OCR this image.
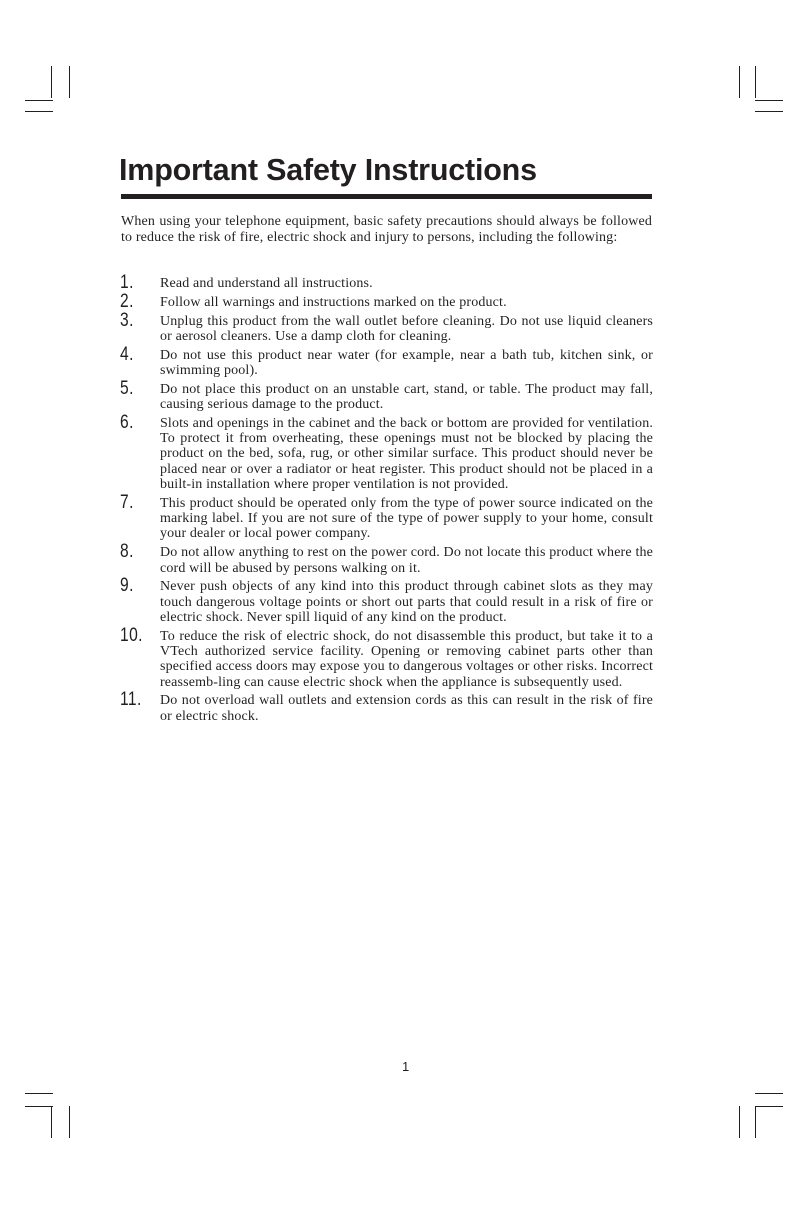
Important Safety Instructions

When using your telephone equipment, basic safety precautions should always be followed to reduce the risk of fire, electric shock and injury to persons, including the following:

1. Read and understand all instructions.
2. Follow all warnings and instructions marked on the product.
3. Unplug this product from the wall outlet before cleaning. Do not use liquid cleaners or aerosol cleaners. Use a damp cloth for cleaning.
4. Do not use this product near water (for example, near a bath tub, kitchen sink, or swimming pool).
5. Do not place this product on an unstable cart, stand, or table. The product may fall, causing serious damage to the product.
6. Slots and openings in the cabinet and the back or bottom are provided for ventilation. To protect it from overheating, these openings must not be blocked by placing the product on the bed, sofa, rug, or other similar surface. This product should never be placed near or over a radiator or heat register. This product should not be placed in a built-in installation where proper ventilation is not provided.
7. This product should be operated only from the type of power source indicated on the marking label. If you are not sure of the type of power supply to your home, consult your dealer or local power company.
8. Do not allow anything to rest on the power cord. Do not locate this product where the cord will be abused by persons walking on it.
9. Never push objects of any kind into this product through cabinet slots as they may touch dangerous voltage points or short out parts that could result in a risk of fire or electric shock. Never spill liquid of any kind on the product.
10. To reduce the risk of electric shock, do not disassemble this product, but take it to a VTech authorized service facility. Opening or removing cabinet parts other than specified access doors may expose you to dangerous voltages or other risks. Incorrect reassemb-ling can cause electric shock when the appliance is subsequently used.
11. Do not overload wall outlets and extension cords as this can result in the risk of fire or electric shock.
1
